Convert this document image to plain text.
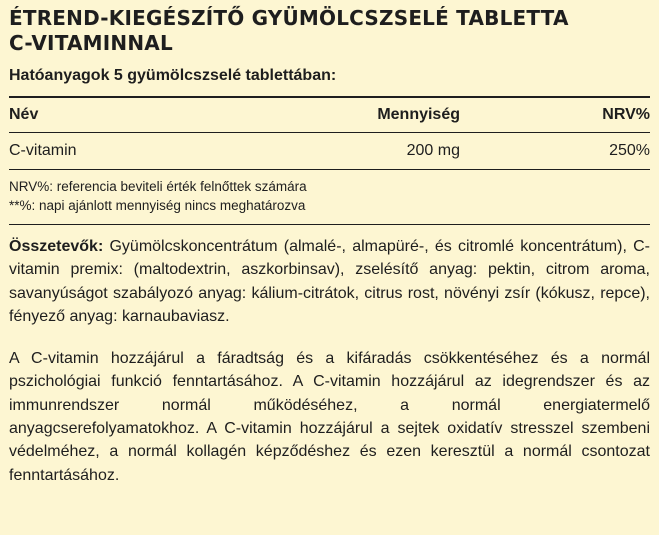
ÉTREND-KIEGÉSZÍTŐ GYÜMÖLCSZSELÉ TABLETTA
C-VITAMINNAL

Hatóanyagok 5 gyümölcszselé tablettában:

Név	Mennyiség	NRV%
C-vitamin	200 mg	250%
NRV%: referencia beviteli érték felnőttek számára
**%: napi ajánlott mennyiség nincs meghatározva

Összetevők: Gyümölcskoncentrátum (almalé-, almapüré-, és citromlé koncentrátum), C-vitamin premix: (maltodextrin, aszkorbinsav), zselésítő anyag: pektin, citrom aroma, savanyúságot szabályozó anyag: kálium-citrátok, citrus rost, növényi zsír (kókusz, repce), fényező anyag: karnaubaviasz.

A C-vitamin hozzájárul a fáradtság és a kifáradás csökkentéséhez és a normál pszichológiai funkció fenntartásához. A C-vitamin hozzájárul az idegrendszer és az immunrendszer normál működéséhez, a normál energiatermelő anyagcserefolyamatokhoz. A C-vitamin hozzájárul a sejtek oxidatív stresszel szembeni védelméhez, a normál kollagén képződéshez és ezen keresztül a normál csontozat fenntartásához.
